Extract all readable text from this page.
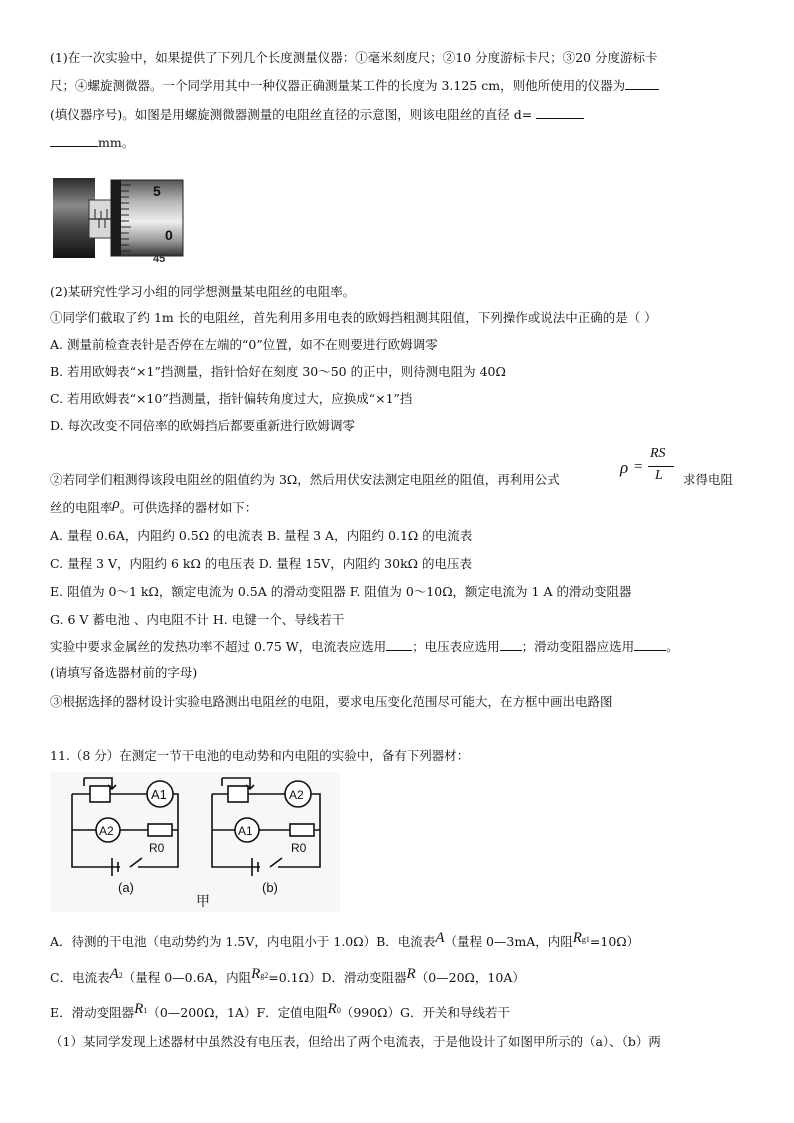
(1)在一次实验中，如果提供了下列几个长度测量仪器：①毫米刻度尺；②10 分度游标卡尺；③20 分度游标卡
尺；④螺旋测微器。一个同学用其中一种仪器正确测量某工件的长度为 3.125 cm，则他所使用的仪器为
(填仪器序号)。如图是用螺旋测微器测量的电阻丝直径的示意图，则该电阻丝的直径 d=
mm。
5
0
45
(2)某研究性学习小组的同学想测量某电阻丝的电阻率。
①同学们截取了约 1m 长的电阻丝，首先利用多用电表的欧姆挡粗测其阻值，下列操作或说法中正确的是（ ）
A. 测量前检查表针是否停在左端的“0”位置，如不在则要进行欧姆调零
B. 若用欧姆表“×1”挡测量，指针恰好在刻度 30～50 的正中，则待测电阻为 40Ω
C. 若用欧姆表“×10”挡测量，指针偏转角度过大，应换成“×1”挡
D. 每次改变不同倍率的欧姆挡后都要重新进行欧姆调零
②若同学们粗测得该段电阻丝的阻值约为 3Ω，然后用伏安法测定电阻丝的阻值，再利用公式
ρ =
RS
L 求得电阻
丝的电阻率ρ。可供选择的器材如下：
A. 量程 0.6A，内阻约 0.5Ω 的电流表 B. 量程 3 A，内阻约 0.1Ω 的电流表
C. 量程 3 V，内阻约 6 kΩ 的电压表 D. 量程 15V，内阻约 30kΩ 的电压表
E. 阻值为 0～1 kΩ，额定电流为 0.5A 的滑动变阻器 F. 阻值为 0～10Ω，额定电流为 1 A 的滑动变阻器
G. 6 V 蓄电池 、内电阻不计 H. 电键一个、导线若干
实验中要求金属丝的发热功率不超过 0.75 W，电流表应选用 ；电压表应选用 ；滑动变阻器应选用	。
(请填写备选器材前的字母)
③根据选择的器材设计实验电路测出电阻丝的电阻，要求电压变化范围尽可能大，在方框中画出电路图
11.（8 分）在测定一节干电池的电动势和内电阻的实验中，备有下列器材：
A1
A2
R0
A2
A1
R0
(a)	(b)
甲
A．待测的干电池（电动势约为 1.5V，内电阻小于 1.0Ω）B．电流表A（量程 0—3mA，内阻Rg1=10Ω）
C．电流表A2（量程 0—0.6A，内阻Rg2=0.1Ω）D．滑动变阻器R（0—20Ω，10A）
E．滑动变阻器R1（0—200Ω，1A）F．定值电阻R0（990Ω）G．开关和导线若干
（1）某同学发现上述器材中虽然没有电压表，但给出了两个电流表，于是他设计了如图甲所示的（a）、（b）两
